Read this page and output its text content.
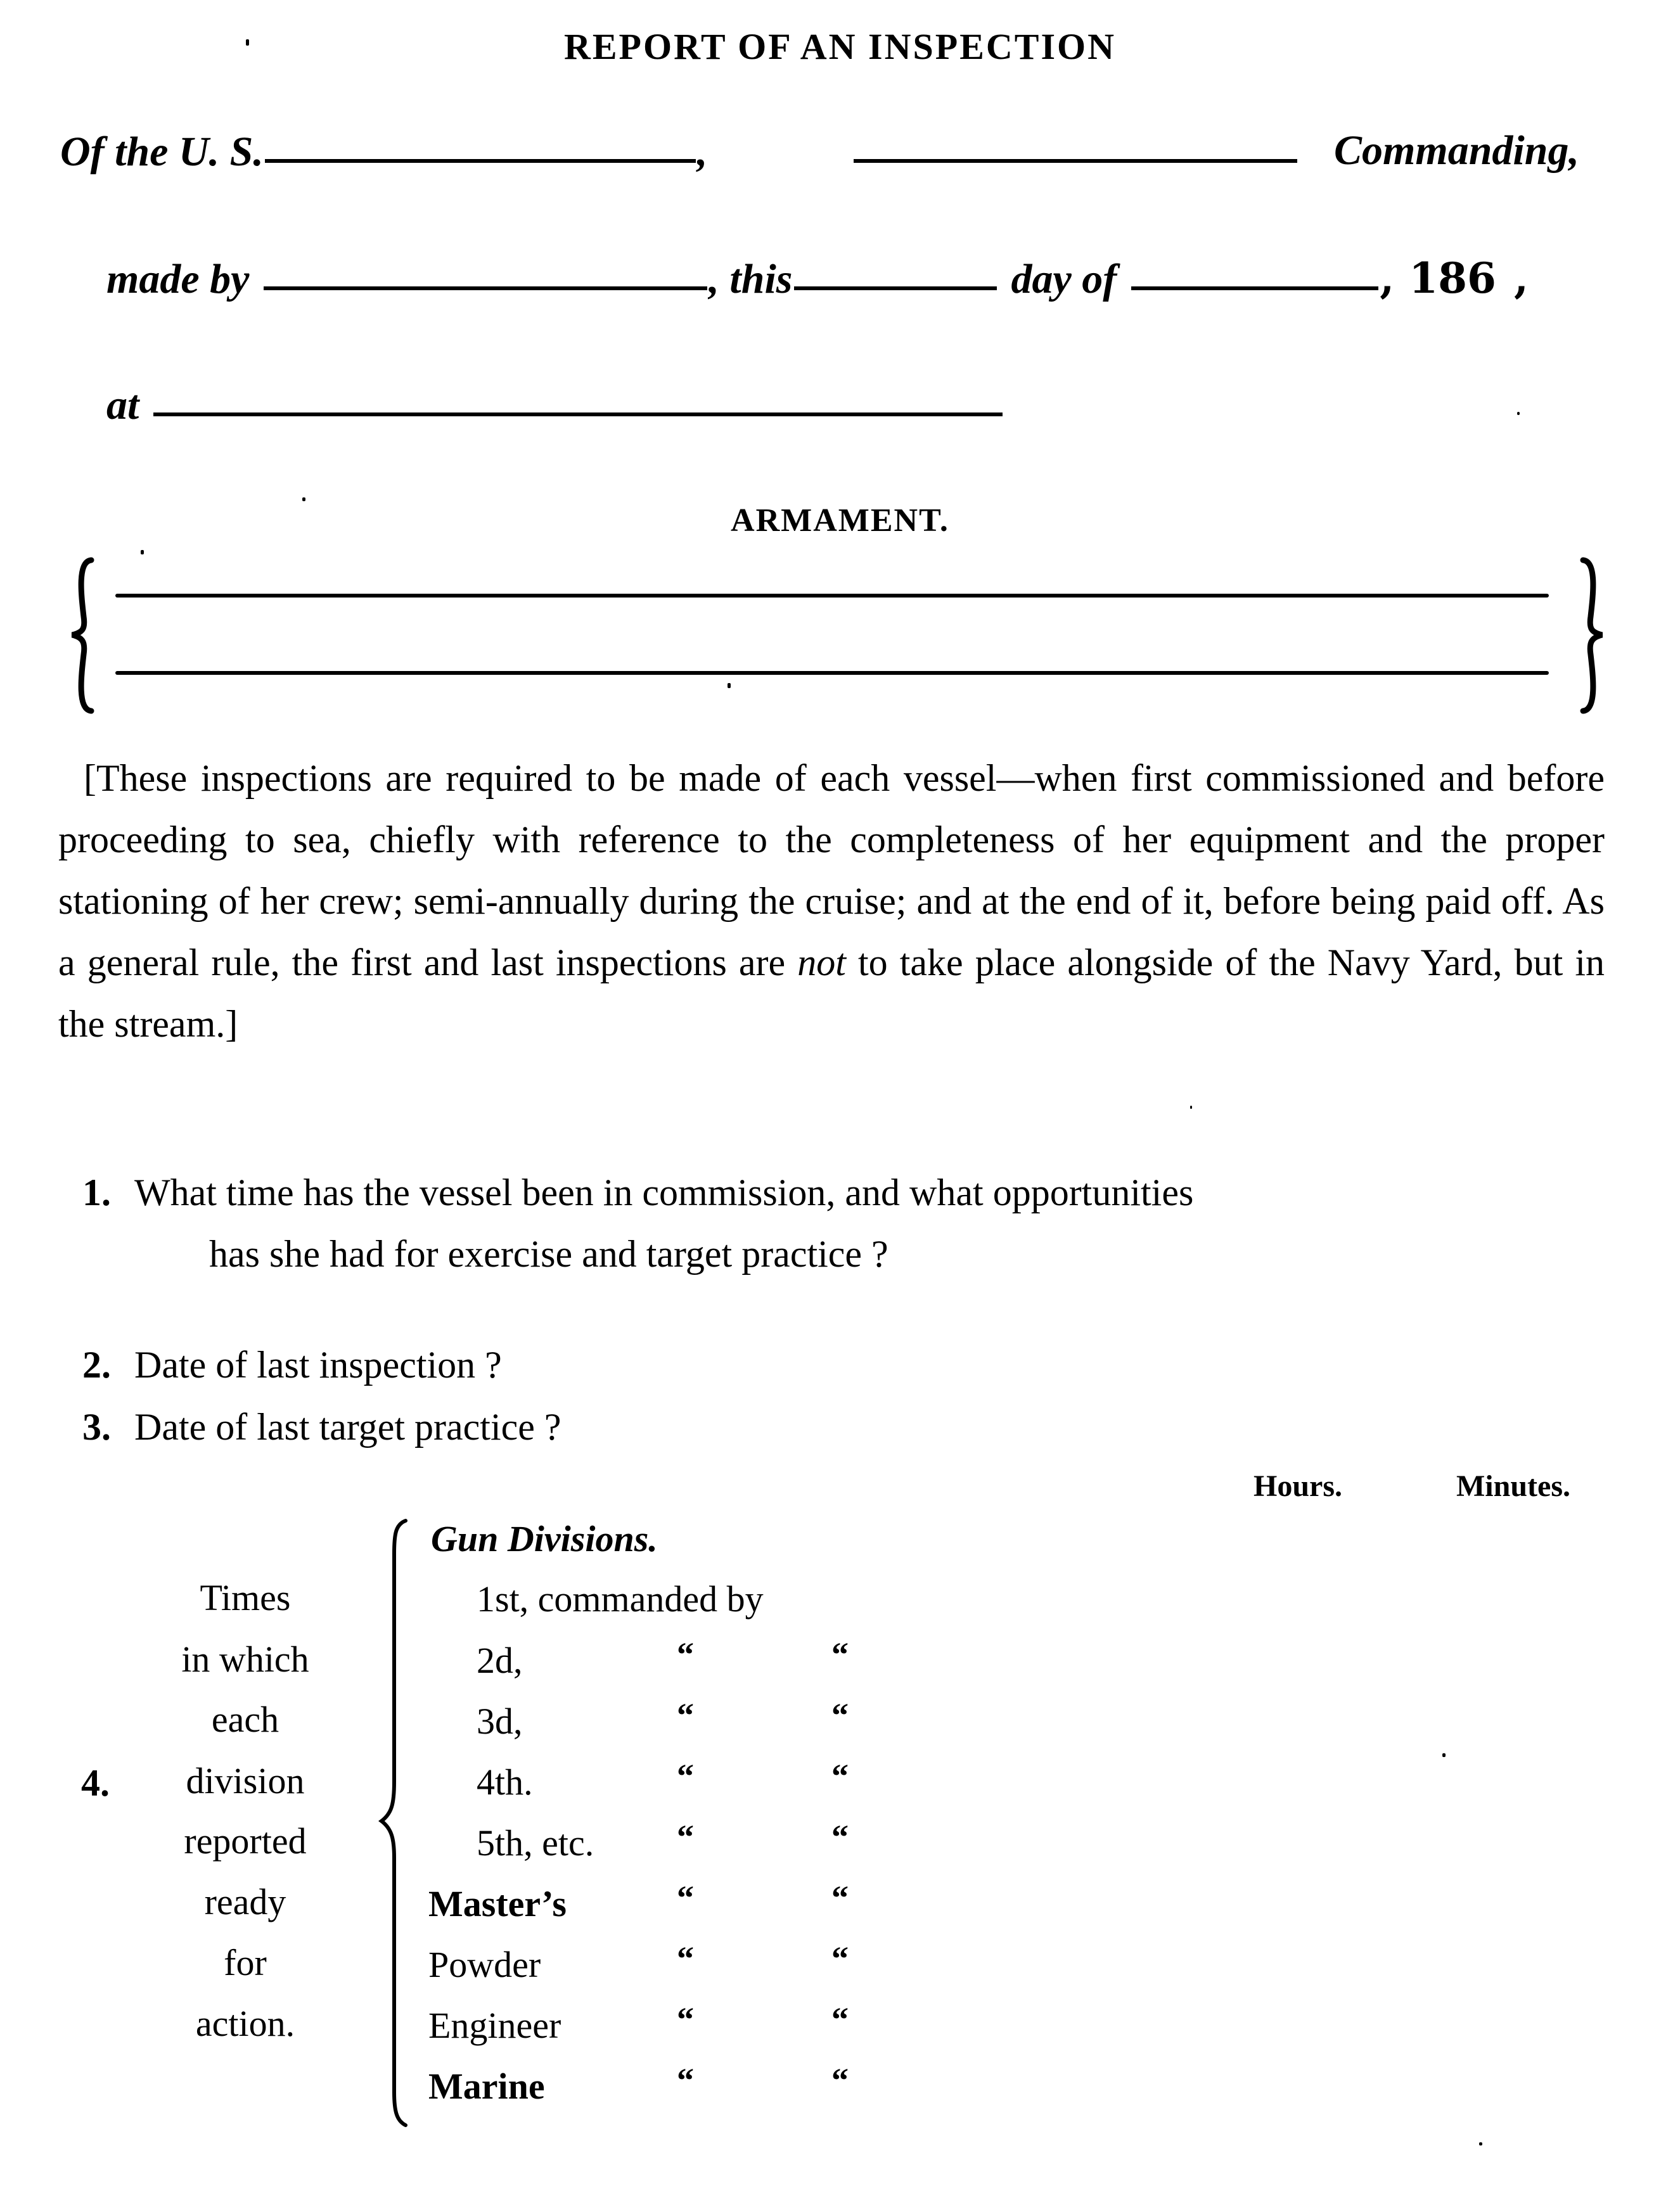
REPORT OF AN INSPECTION
Of the U. S.	,	Commanding,
made by	, this	day of	, 186 ,
at
ARMAMENT.
[These inspections are required to be made of each vessel—when first commissioned and before proceeding to sea, chiefly with reference to the completeness of her equipment and the proper stationing of her crew; semi-annually during the cruise; and at the end of it, before being paid off. As a general rule, the first and last inspections are not to take place alongside of the Navy Yard, but in the stream.]
1. What time has the vessel been in commission, and what opportunities
has she had for exercise and target practice ?
2. Date of last inspection ?
3. Date of last target practice ?
Hours.	Minutes.
4.
Times
in which
each
division
reported
ready
for
action.
Gun Divisions.
1st, commanded by
2d,	“	“
3d,	“	“
4th.	“	“
5th, etc. “	“
Master’s	“	“
Powder	“	“
Engineer	“	“
Marine	“	“
